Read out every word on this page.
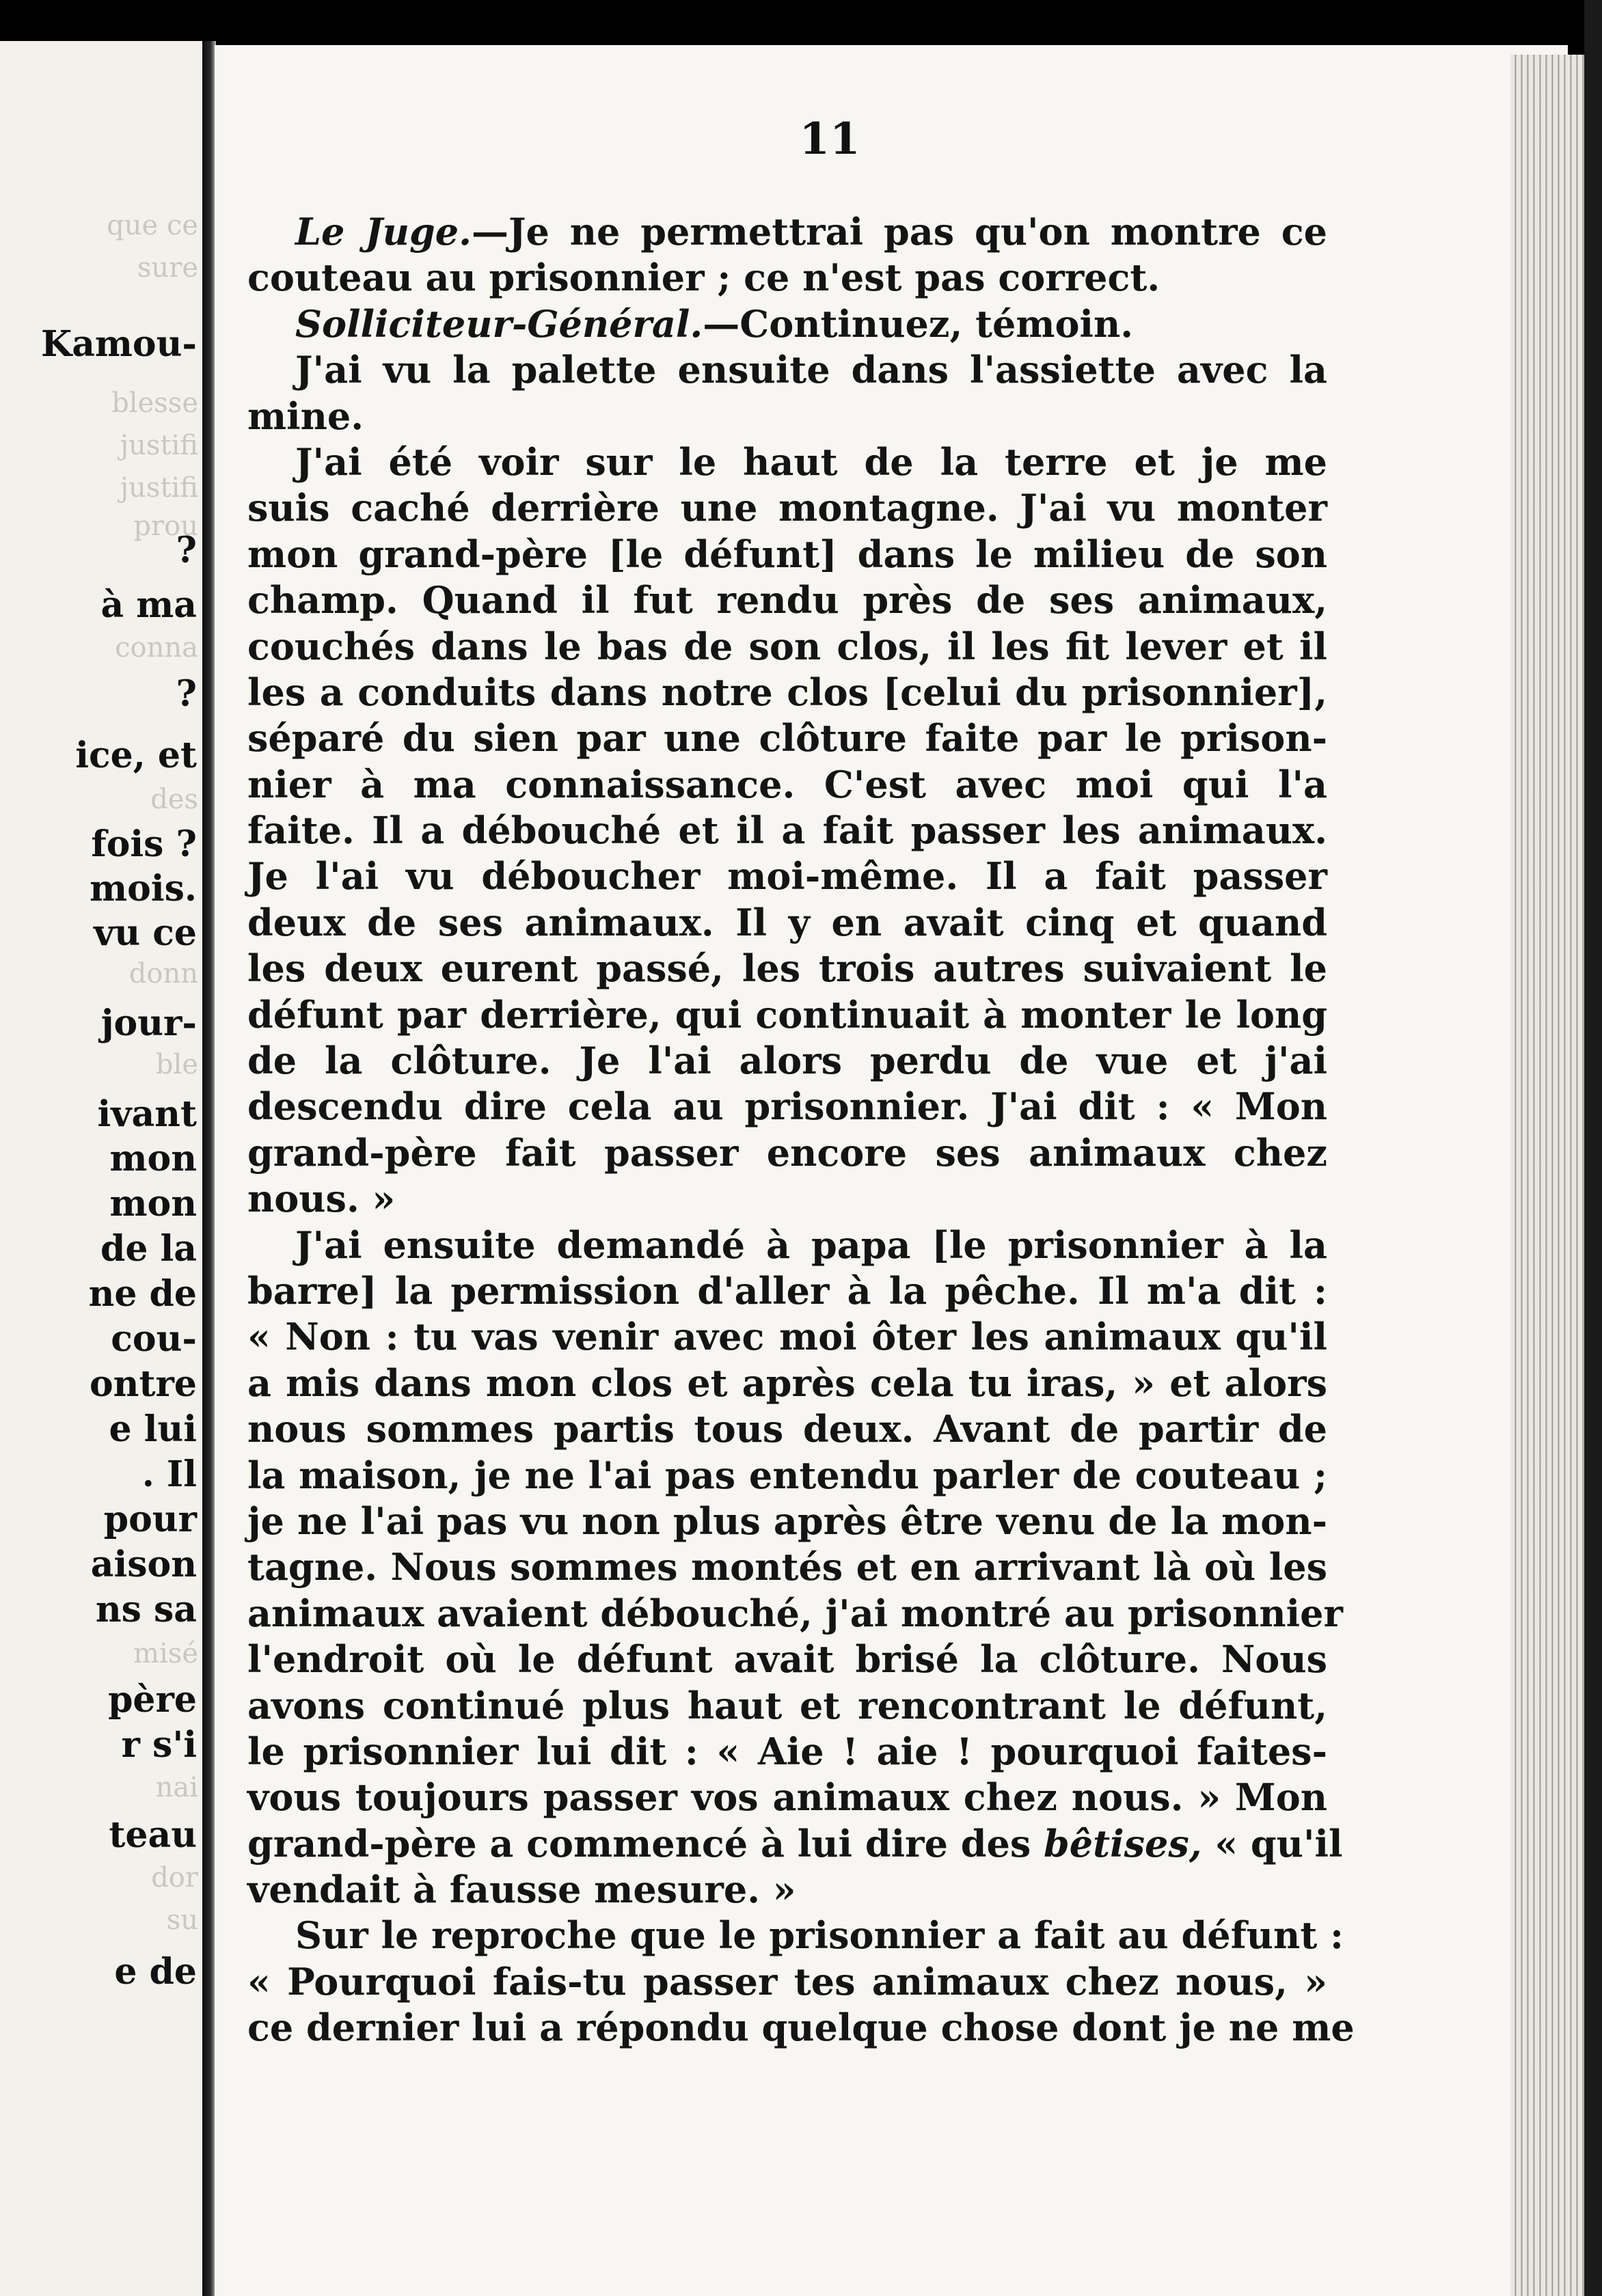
que ce
sure
Kamou-
blesse
justifi
justifi
prou
?
à ma
conna
?
ice, et
des
fois ?
mois.
vu ce
donn
jour-
ble
ivant
mon
mon
de la
ne de
cou-
ontre
e lui
. Il
pour
aison
ns sa
misé
père
r s'i
nai
teau
dor
su
e de
11
Le Juge.—Je ne permettrai pas qu'on montre ce
couteau au prisonnier ; ce n'est pas correct.
Solliciteur-Général.—Continuez, témoin.
J'ai vu la palette ensuite dans l'assiette avec la
mine.
J'ai été voir sur le haut de la terre et je me
suis caché derrière une montagne. J'ai vu monter
mon grand-père [le défunt] dans le milieu de son
champ. Quand il fut rendu près de ses animaux,
couchés dans le bas de son clos, il les fit lever et il
les a conduits dans notre clos [celui du prisonnier],
séparé du sien par une clôture faite par le prison-
nier à ma connaissance. C'est avec moi qui l'a
faite. Il a débouché et il a fait passer les animaux.
Je l'ai vu déboucher moi-même. Il a fait passer
deux de ses animaux. Il y en avait cinq et quand
les deux eurent passé, les trois autres suivaient le
défunt par derrière, qui continuait à monter le long
de la clôture. Je l'ai alors perdu de vue et j'ai
descendu dire cela au prisonnier. J'ai dit : « Mon
grand-père fait passer encore ses animaux chez
nous. »
J'ai ensuite demandé à papa [le prisonnier à la
barre] la permission d'aller à la pêche. Il m'a dit :
« Non : tu vas venir avec moi ôter les animaux qu'il
a mis dans mon clos et après cela tu iras, » et alors
nous sommes partis tous deux. Avant de partir de
la maison, je ne l'ai pas entendu parler de couteau ;
je ne l'ai pas vu non plus après être venu de la mon-
tagne. Nous sommes montés et en arrivant là où les
animaux avaient débouché, j'ai montré au prisonnier
l'endroit où le défunt avait brisé la clôture. Nous
avons continué plus haut et rencontrant le défunt,
le prisonnier lui dit : « Aie ! aie ! pourquoi faites-
vous toujours passer vos animaux chez nous. » Mon
grand-père a commencé à lui dire des bêtises, « qu'il
vendait à fausse mesure. »
Sur le reproche que le prisonnier a fait au défunt :
« Pourquoi fais-tu passer tes animaux chez nous, »
ce dernier lui a répondu quelque chose dont je ne me
